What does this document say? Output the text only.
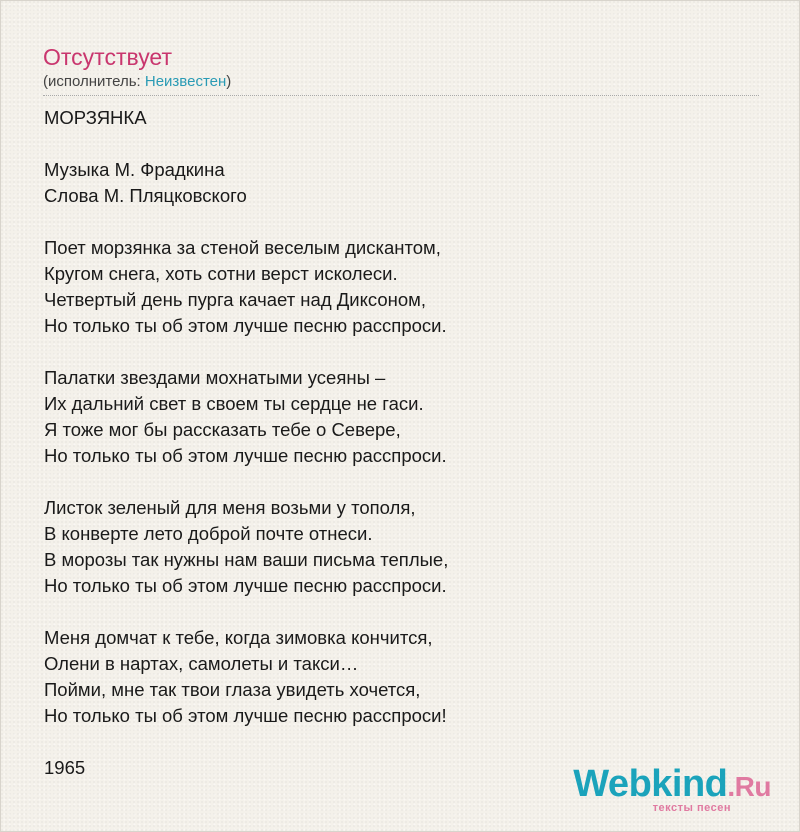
Отсутствует
(исполнитель: Неизвестен)
МОРЗЯНКА
Музыка М. Фрадкина
Слова М. Пляцковского
Поет морзянка за стеной веселым дискантом,
Кругом снега, хоть сотни верст исколеси.
Четвертый день пурга качает над Диксоном,
Но только ты об этом лучше песню расспроси.
Палатки звездами мохнатыми усеяны –
Их дальний свет в своем ты сердце не гаси.
Я тоже мог бы рассказать тебе о Севере,
Но только ты об этом лучше песню расспроси.
Листок зеленый для меня возьми у тополя,
В конверте лето доброй почте отнеси.
В морозы так нужны нам ваши письма теплые,
Но только ты об этом лучше песню расспроси.
Меня домчат к тебе, когда зимовка кончится,
Олени в нартах, самолеты и такси…
Пойми, мне так твои глаза увидеть хочется,
Но только ты об этом лучше песню расспроси!
1965	Webkind.Ru
тексты песен
